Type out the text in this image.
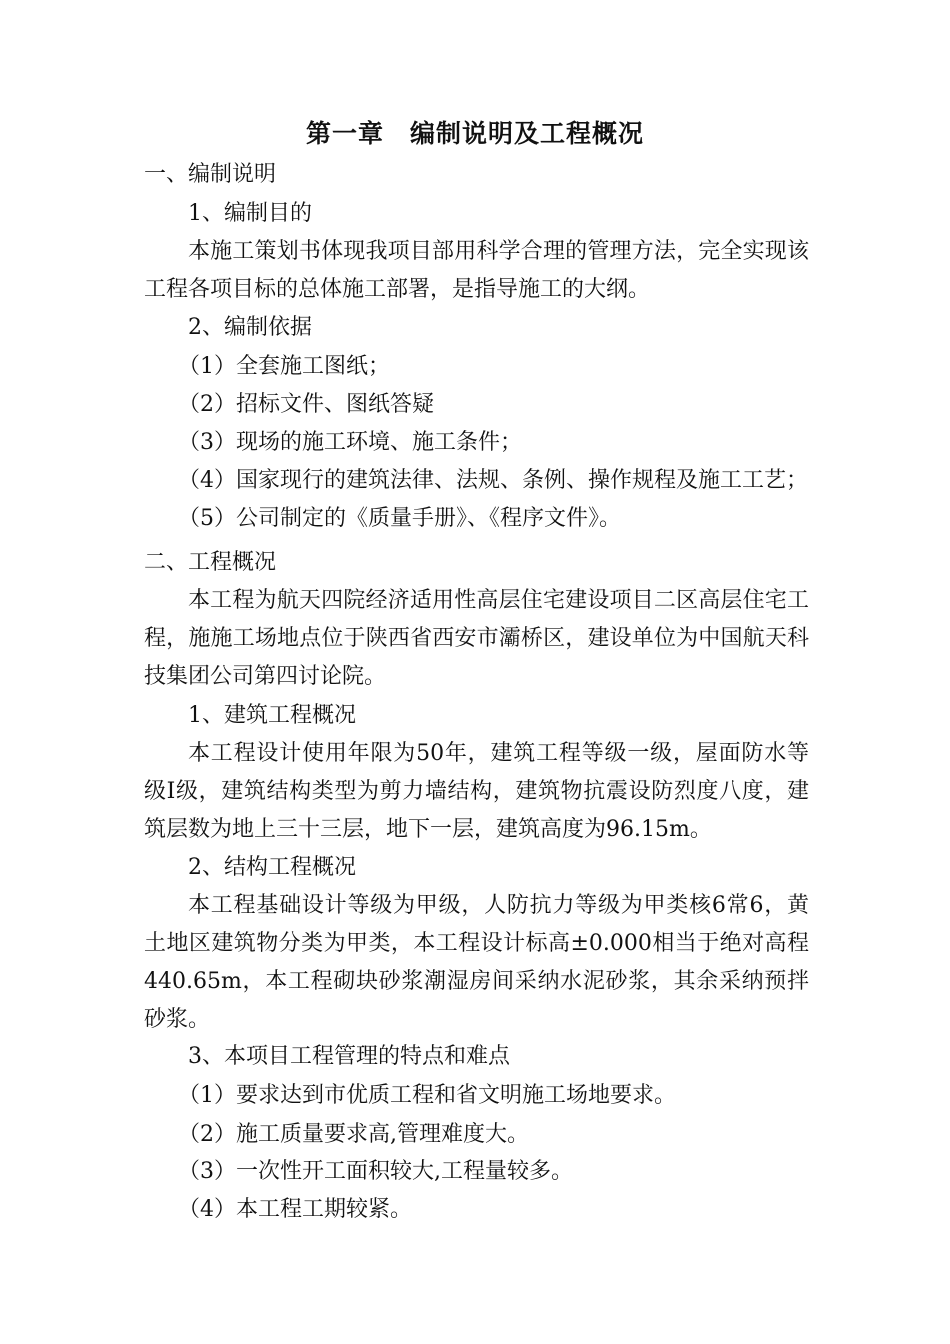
第一章　编制说明及工程概况
一、编制说明
1、编制目的
本施工策划书体现我项目部用科学合理的管理方法，完全实现该工程各项目标的总体施工部署，是指导施工的大纲。
2、编制依据
（1）全套施工图纸；
（2）招标文件、图纸答疑
（3）现场的施工环境、施工条件；
（4）国家现行的建筑法律、法规、条例、操作规程及施工工艺；
（5）公司制定的《质量手册》、《程序文件》。
二、工程概况
本工程为航天四院经济适用性高层住宅建设项目二区高层住宅工程，施施工场地点位于陕西省西安市灞桥区，建设单位为中国航天科技集团公司第四讨论院。
1、建筑工程概况
本工程设计使用年限为50年，建筑工程等级一级，屋面防水等级Ⅰ级，建筑结构类型为剪力墙结构，建筑物抗震设防烈度八度，建筑层数为地上三十三层，地下一层，建筑高度为96.15m。
2、结构工程概况
本工程基础设计等级为甲级，人防抗力等级为甲类核6常6，黄土地区建筑物分类为甲类，本工程设计标高±0.000相当于绝对高程440.65m，本工程砌块砂浆潮湿房间采纳水泥砂浆，其余采纳预拌砂浆。
3、本项目工程管理的特点和难点
（1）要求达到市优质工程和省文明施工场地要求。
（2）施工质量要求高,管理难度大。
（3）一次性开工面积较大,工程量较多。
（4）本工程工期较紧。
